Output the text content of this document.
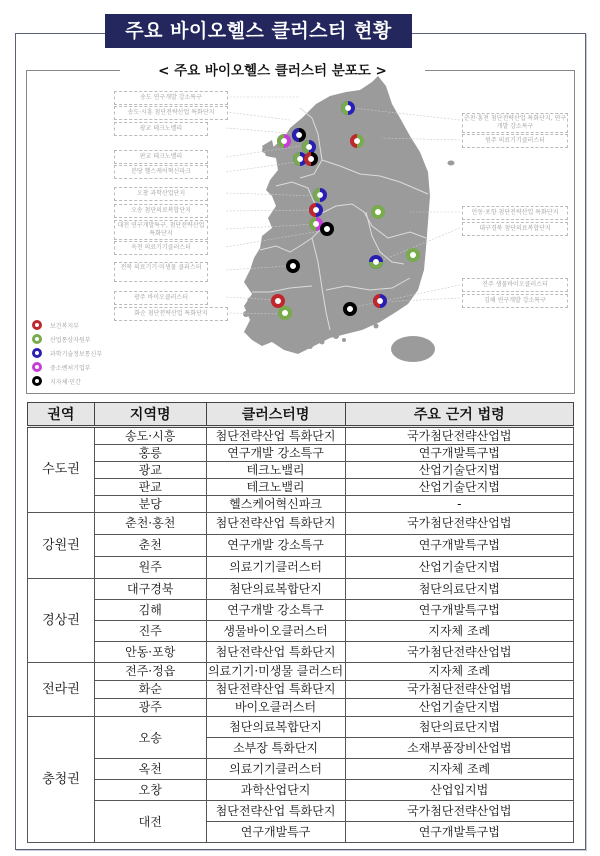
주요 바이오헬스 클러스터 현황
< 주요 바이오헬스 클러스터 분포도 >
송도 연구개발 강소특구
송도·시흥 첨단전략산업 특화단지
광교 테크노밸리
판교 테크노밸리
분당 헬스케어혁신파크
오창 과학산업단지
오송 첨단의료복합단지
대전 연구개발특구, 첨단전략산업 특화단지
옥천 의료기기클러스터
전북 의료기기·미생물 클러스터
광주 바이오클러스터
화순 첨단전략산업 특화단지
춘천·홍천 첨단전략산업 특화단지, 연구개발 강소특구
원주 의료기기클러스터
안동·포항 첨단전략산업 특화단지
대구경북 첨단의료복합단지
진주 생물바이오클러스터
김해 연구개발 강소특구
보건복지부
산업통상자원부
과학기술정보통신부
중소벤처기업부
지자체·민간
권역	지역명	클러스터명	주요 근거 법령
수도권	송도·시흥	첨단전략산업 특화단지	국가첨단전략산업법
	홍릉	연구개발 강소특구	연구개발특구법
	광교	테크노밸리	산업기술단지법
	판교	테크노밸리	산업기술단지법
	분당	헬스케어혁신파크	-
강원권	춘천·홍천	첨단전략산업 특화단지	국가첨단전략산업법
	춘천	연구개발 강소특구	연구개발특구법
	원주	의료기기클러스터	산업기술단지법
경상권	대구경북	첨단의료복합단지	첨단의료단지법
	김해	연구개발 강소특구	연구개발특구법
	진주	생물바이오클러스터	지자체 조례
	안동·포항	첨단전략산업 특화단지	국가첨단전략산업법
전라권	전주·정읍	의료기기·미생물 클러스터	지자체 조례
	화순	첨단전략산업 특화단지	국가첨단전략산업법
	광주	바이오클러스터	산업기술단지법
충청권	오송	첨단의료복합단지	첨단의료단지법
		소부장 특화단지	소재부품장비산업법
	옥천	의료기기클러스터	지자체 조례
	오창	과학산업단지	산업입지법
	대전	첨단전략산업 특화단지	국가첨단전략산업법
		연구개발특구	연구개발특구법
